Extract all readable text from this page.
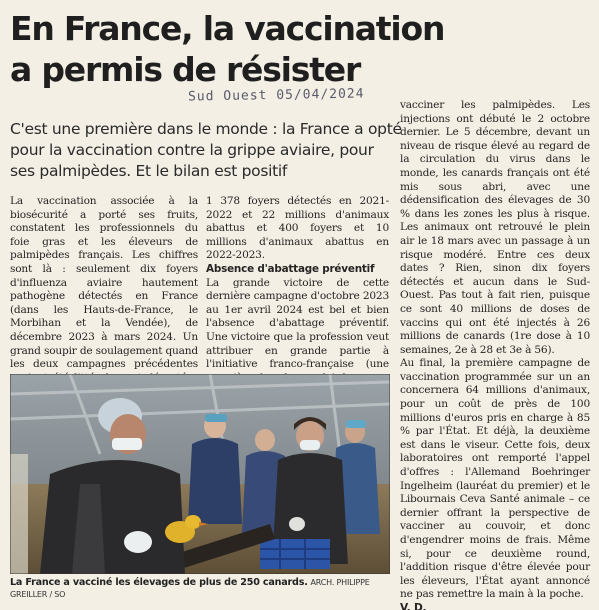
En France, la vaccination
a permis de résister
Sud Ouest 05/04/2024
C'est une première dans le monde : la France a opté pour la vaccination contre la grippe aviaire, pour ses palmipèdes. Et le bilan est positif

La vaccination associée à la biosécurité a porté ses fruits, constatent les professionnels du foie gras et les éleveurs de palmipèdes français. Les chiffres sont là : seulement dix foyers d'influenza aviaire hautement pathogène détectés en France (dans les Hauts-de-France, le Morbihan et la Vendée), de décembre 2023 à mars 2024. Un grand soupir de soulagement quand les deux campagnes précédentes

1 378 foyers détectés en 2021-2022 et 22 millions d'animaux abattus et 400 foyers et 10 millions d'animaux abattus en 2022-2023.

Absence d'abattage préventif

La grande victoire de cette dernière campagne d'octobre 2023 au 1er avril 2024 est bel et bien l'absence d'abattage préventif. Une victoire que la profession veut attribuer en grande partie à l'initiative franco-française (une

vacciner les palmipèdes. Les injections ont débuté le 2 octobre dernier. Le 5 décembre, devant un niveau de risque élevé au regard de la circulation du virus dans le monde, les canards français ont été mis sous abri, avec une dédensification des élevages de 30 % dans les zones les plus à risque. Les animaux ont retrouvé le plein air le 18 mars avec un passage à un risque modéré. Entre ces deux dates ? Rien, sinon dix foyers détectés et aucun dans le Sud-Ouest. Pas tout à fait rien, puisque ce sont 40 millions de doses de vaccins qui ont été injectés à 26 millions de canards (1re dose à 10 semaines, 2e à 28 et 3e à 56).

Au final, la première campagne de vaccination programmée sur un an concernera 64 millions d'animaux, pour un coût de près de 100 millions d'euros pris en charge à 85 % par l'État. Et déjà, la deuxième est dans le viseur. Cette fois, deux laboratoires ont remporté l'appel d'offres : l'Allemand Boehringer Ingelheim (lauréat du premier) et le Libournais Ceva Santé animale – ce dernier offrant la perspective de vacciner au couvoir, et donc d'engendrer moins de frais. Même si, pour ce deuxième round, l'addition risque d'être élevée pour les éleveurs, l'État ayant annoncé ne pas remettre la main à la poche.

V. D.

La France a vacciné les élevages de plus de 250 canards. ARCH. PHILIPPE GREILLER / SO
